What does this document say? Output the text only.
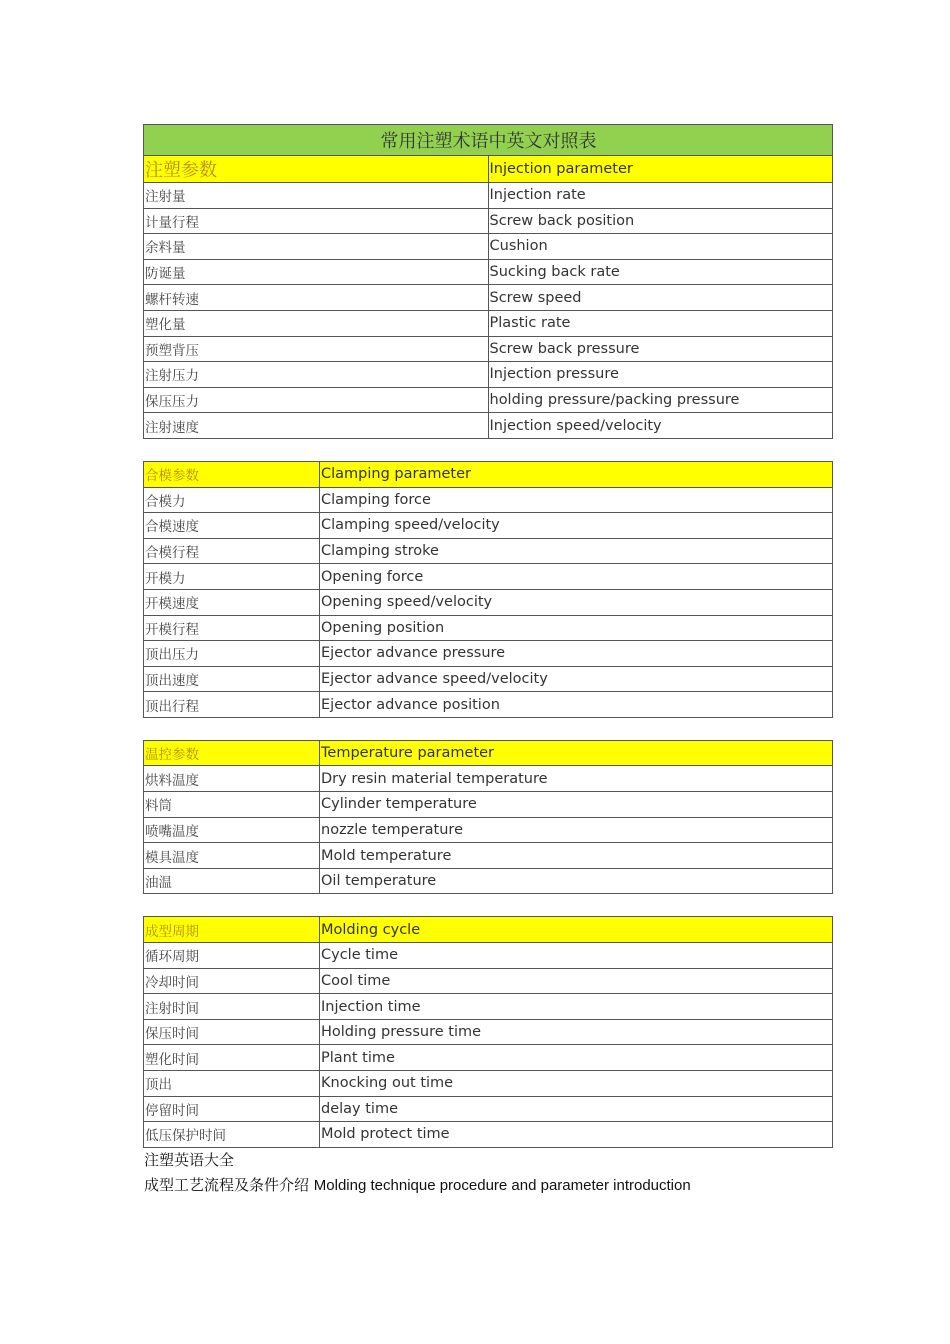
常用注塑术语中英文对照表	
注塑参数	Injection parameter
注射量	Injection rate
计量行程	Screw back position
余料量	Cushion
防诞量	Sucking back rate
螺杆转速	Screw speed
塑化量	Plastic rate
预塑背压	Screw back pressure
注射压力	Injection pressure
保压压力	holding pressure/packing pressure
注射速度	Injection speed/velocity
合模参数	Clamping parameter
合模力	Clamping force
合模速度	Clamping speed/velocity
合模行程	Clamping stroke
开模力	Opening force
开模速度	Opening speed/velocity
开模行程	Opening position
顶出压力	Ejector advance pressure
顶出速度	Ejector advance speed/velocity
顶出行程	Ejector advance position
温控参数	Temperature parameter
烘料温度	Dry resin material temperature
料筒	Cylinder temperature
喷嘴温度	nozzle temperature
模具温度	Mold temperature
油温	Oil temperature
成型周期	Molding cycle
循环周期	Cycle time
冷却时间	Cool time
注射时间	Injection time
保压时间	Holding pressure time
塑化时间	Plant time
顶出	Knocking out time
停留时间	delay time
低压保护时间	Mold protect time
注塑英语大全
成型工艺流程及条件介绍 Molding technique procedure and parameter introduction
